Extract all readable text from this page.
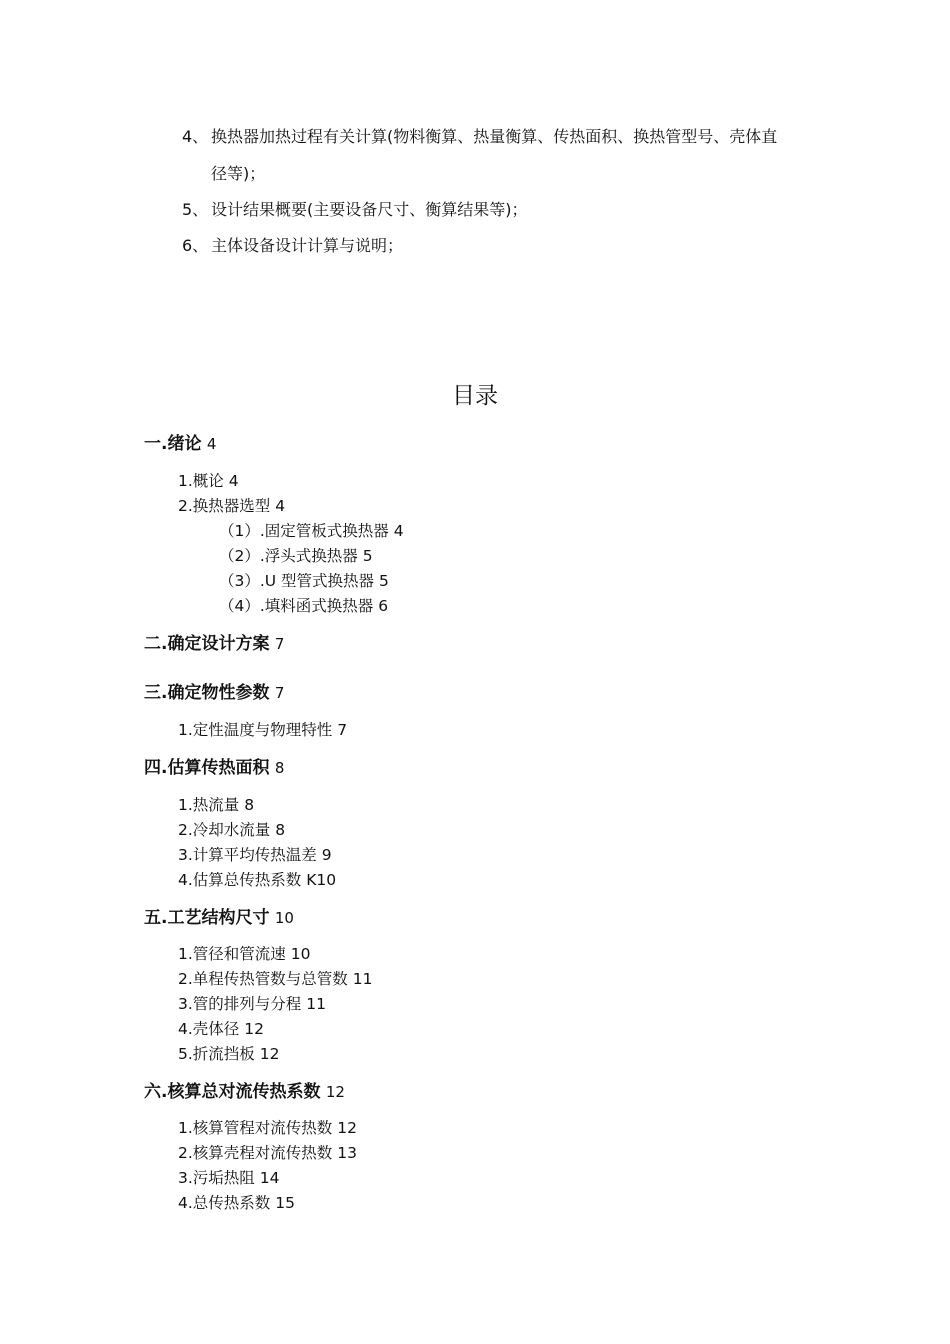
4、 换热器加热过程有关计算(物料衡算、热量衡算、传热面积、换热管型号、壳体直
径等)；
5、 设计结果概要(主要设备尺寸、衡算结果等)；
6、 主体设备设计计算与说明；
目录
一.绪论 4
1.概论 4
2.换热器选型 4
（1）.固定管板式换热器 4
（2）.浮头式换热器 5
（3）.U 型管式换热器 5
（4）.填料函式换热器 6
二.确定设计方案 7
三.确定物性参数 7
1.定性温度与物理特性 7
四.估算传热面积 8
1.热流量 8
2.冷却水流量 8
3.计算平均传热温差 9
4.估算总传热系数 K10
五.工艺结构尺寸 10
1.管径和管流速 10
2.单程传热管数与总管数 11
3.管的排列与分程 11
4.壳体径 12
5.折流挡板 12
六.核算总对流传热系数 12
1.核算管程对流传热数 12
2.核算壳程对流传热数 13
3.污垢热阻 14
4.总传热系数 15
